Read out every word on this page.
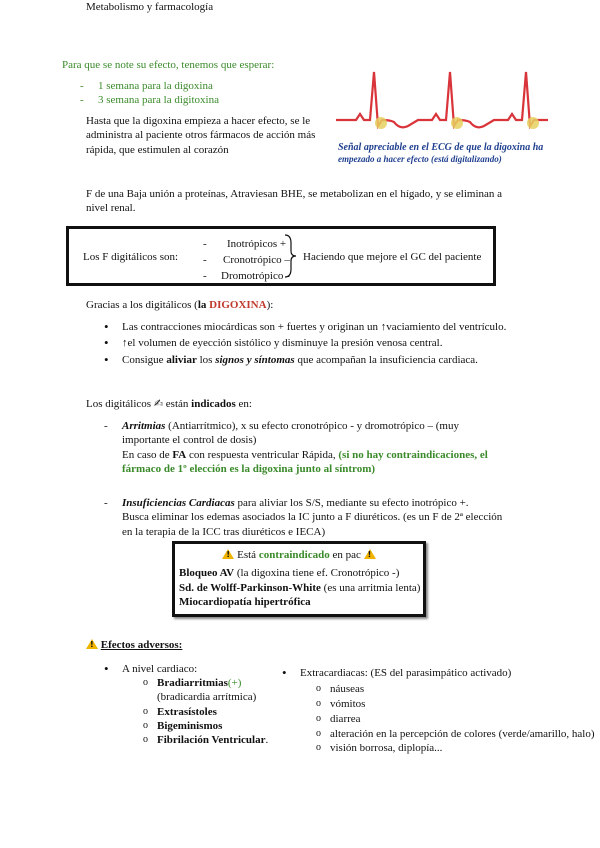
Metabolismo y farmacología
Para que se note su efecto, tenemos que esperar:
- 1 semana para la digoxina
- 3 semana para la digitoxina
Hasta que la digoxina empieza a hacer efecto, se le administra al paciente otros fármacos de acción más rápida, que estimulen al corazón	Señal apreciable en el ECG de que la digoxina ha
empezado a hacer efecto (está digitalizando)
F de una Baja unión a proteínas, Atraviesan BHE, se metabolizan en el hígado, y se eliminan a nivel renal.
Los F digitálicos son:
- Inotrópicos +
- Cronotrópico –
- Dromotrópico -
Haciendo que mejore el GC del paciente
Gracias a los digitálicos (la DIGOXINA):
• Las contracciones miocárdicas son + fuertes y originan un ↑vaciamiento del ventrículo.
• ↑el volumen de eyección sistólico y disminuye la presión venosa central.
• Consigue aliviar los signos y síntomas que acompañan la insuficiencia cardiaca.
Los digitálicos ✍ están indicados en:
- Arritmias (Antiarrítmico), x su efecto cronotrópico - y dromotrópico – (muy importante el control de dosis)
En caso de FA con respuesta ventricular Rápida, (si no hay contraindicaciones, el fármaco de 1º elección es la digoxina junto al síntrom)
- Insuficiencias Cardiacas para aliviar los S/S, mediante su efecto inotrópico +.
Busca eliminar los edemas asociados la IC junto a F diuréticos. (es un F de 2ª elección en la terapia de la ICC tras diuréticos e IECA)
! Está contraindicado en pac !
Bloqueo AV (la digoxina tiene ef. Cronotrópico -)
Sd. de Wolff-Parkinson-White (es una arritmia lenta)
Miocardiopatía hipertrófica
! Efectos adversos:
• A nivel cardiaco:
o Bradiarritmias(+)
(bradicardia arrítmica)
o Extrasístoles
o Bigeminismos
o Fibrilación Ventricular.
• Extracardiacas: (ES del parasimpático activado)
o náuseas
o vómitos
o diarrea
o alteración en la percepción de colores (verde/amarillo, halo)
o visión borrosa, diplopía...
